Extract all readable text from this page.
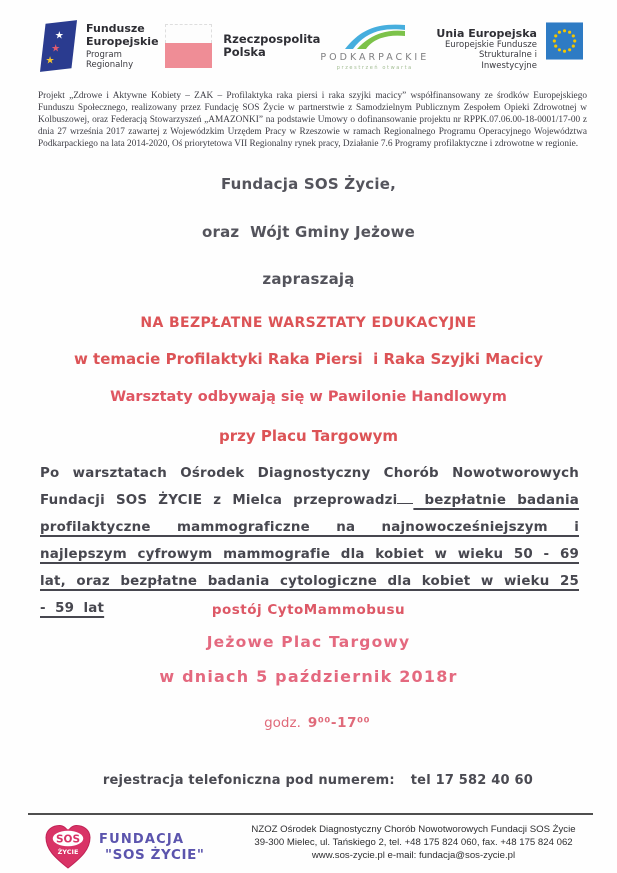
★
★
★
Fundusze
Europejskie
Program Regionalny
Rzeczpospolita
Polska	PODKARPACKIE
przestrzeń otwarta
Unia Europejska
Europejskie Fundusze
Strukturalne i Inwestycyjne

Projekt „Zdrowe i Aktywne Kobiety – ZAK – Profilaktyka raka piersi i raka szyjki macicy” współfinansowany ze środków Europejskiego Funduszu Społecznego, realizowany przez Fundację SOS Życie w partnerstwie z Samodzielnym Publicznym Zespołem Opieki Zdrowotnej w Kolbuszowej, oraz Federacją Stowarzyszeń „AMAZONKI” na podstawie Umowy o dofinansowanie projektu nr RPPK.07.06.00-18-0001/17-00 z dnia 27 września 2017 zawartej z Wojewódzkim Urzędem Pracy w Rzeszowie w ramach Regionalnego Programu Operacyjnego Województwa Podkarpackiego na lata 2014-2020, Oś priorytetowa VII Regionalny rynek pracy, Działanie 7.6 Programy profilaktyczne i zdrowotne w regionie.

Fundacja SOS Życie,
oraz  Wójt Gminy Jeżowe
zapraszają
NA BEZPŁATNE WARSZTATY EDUKACYJNE
w temacie Profilaktyki Raka Piersi  i Raka Szyjki Macicy
Warsztaty odbywają się w Pawilonie Handlowym
przy Placu Targowym

Po warsztatach Ośrodek Diagnostyczny Chorób Nowotworowych Fundacji SOS ŻYCIE z Mielca przeprowadzi bezpłatnie badania profilaktyczne mammograficzne na najnowocześniejszym i najlepszym cyfrowym mammografie dla kobiet w wieku 50 - 69 lat, oraz bezpłatne badania cytologiczne dla kobiet w wieku 25 - 59 lat	postój CytoMammobusu
Jeżowe Plac Targowy
w dniach 5 październik 2018r

godz. 9⁰⁰-17⁰⁰

rejestracja telefoniczna pod numerem: tel 17 582 40 60

SOS
ŻYCIE
FUNDACJA
"SOS ŻYCIE"
NZOZ Ośrodek Diagnostyczny Chorób Nowotworowych Fundacji SOS Życie
39-300 Mielec, ul. Tańskiego 2, tel. +48 175 824 060, fax. +48 175 824 062
www.sos-zycie.pl e-mail: fundacja@sos-zycie.pl
